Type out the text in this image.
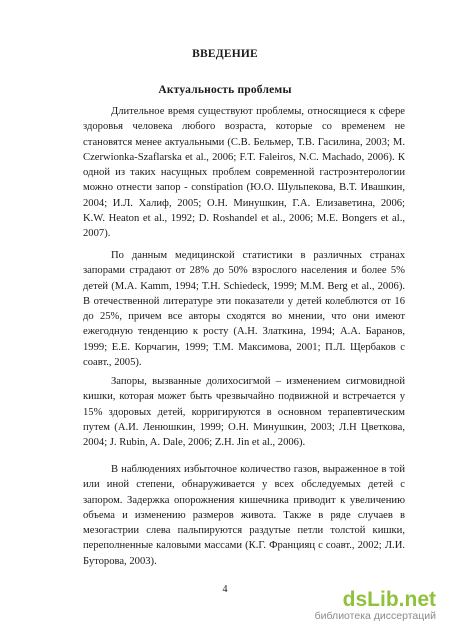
ВВЕДЕНИЕ
Актуальность проблемы

Длительное время существуют проблемы, относящиеся к сфере здоровья человека любого возраста, которые со временем не становятся менее актуальными (С.В. Бельмер, Т.В. Гасилина, 2003; M. Czerwionka-Szaflarska et al., 2006; F.T. Faleiros, N.C. Machado, 2006). К одной из таких насущных проблем современной гастроэнтерологии можно отнести запор - constipation (Ю.О. Шульпекова, В.Т. Ивашкин, 2004; И.Л. Халиф, 2005; О.Н. Минушкин, Г.А. Елизаветина, 2006; K.W. Heaton et al., 1992; D. Roshandel et al., 2006; M.E. Bongers et al., 2007).

По данным медицинской статистики в различных странах запорами страдают от 28% до 50% взрослого населения и более 5% детей (M.A. Kamm, 1994; T.H. Schiedeck, 1999; M.M. Berg et al., 2006). В отечественной литературе эти показатели у детей колеблются от 16 до 25%, причем все авторы сходятся во мнении, что они имеют ежегодную тенденцию к росту (А.Н. Златкина, 1994; А.А. Баранов, 1999; Е.Е. Корчагин, 1999; Т.М. Максимова, 2001; П.Л. Щербаков с соавт., 2005).

Запоры, вызванные долихосигмой – изменением сигмовидной кишки, которая может быть чрезвычайно подвижной и встречается у 15% здоровых детей, корригируются в основном терапевтическим путем (А.И. Ленюшкин, 1999; О.Н. Минушкин, 2003; Л.Н Цветкова, 2004; J. Rubin, A. Dale, 2006; Z.H. Jin et al., 2006).

В наблюдениях избыточное количество газов, выраженное в той или иной степени, обнаруживается у всех обследуемых детей с запором. Задержка опорожнения кишечника приводит к увеличению объема и изменению размеров живота. Также в ряде случаев в мезогастрии слева пальпируются раздутые петли толстой кишки, переполненные каловыми массами (К.Г. Францияц с соавт., 2002; Л.И. Буторова, 2003).

4	dsLib.net
библиотека диссертаций
